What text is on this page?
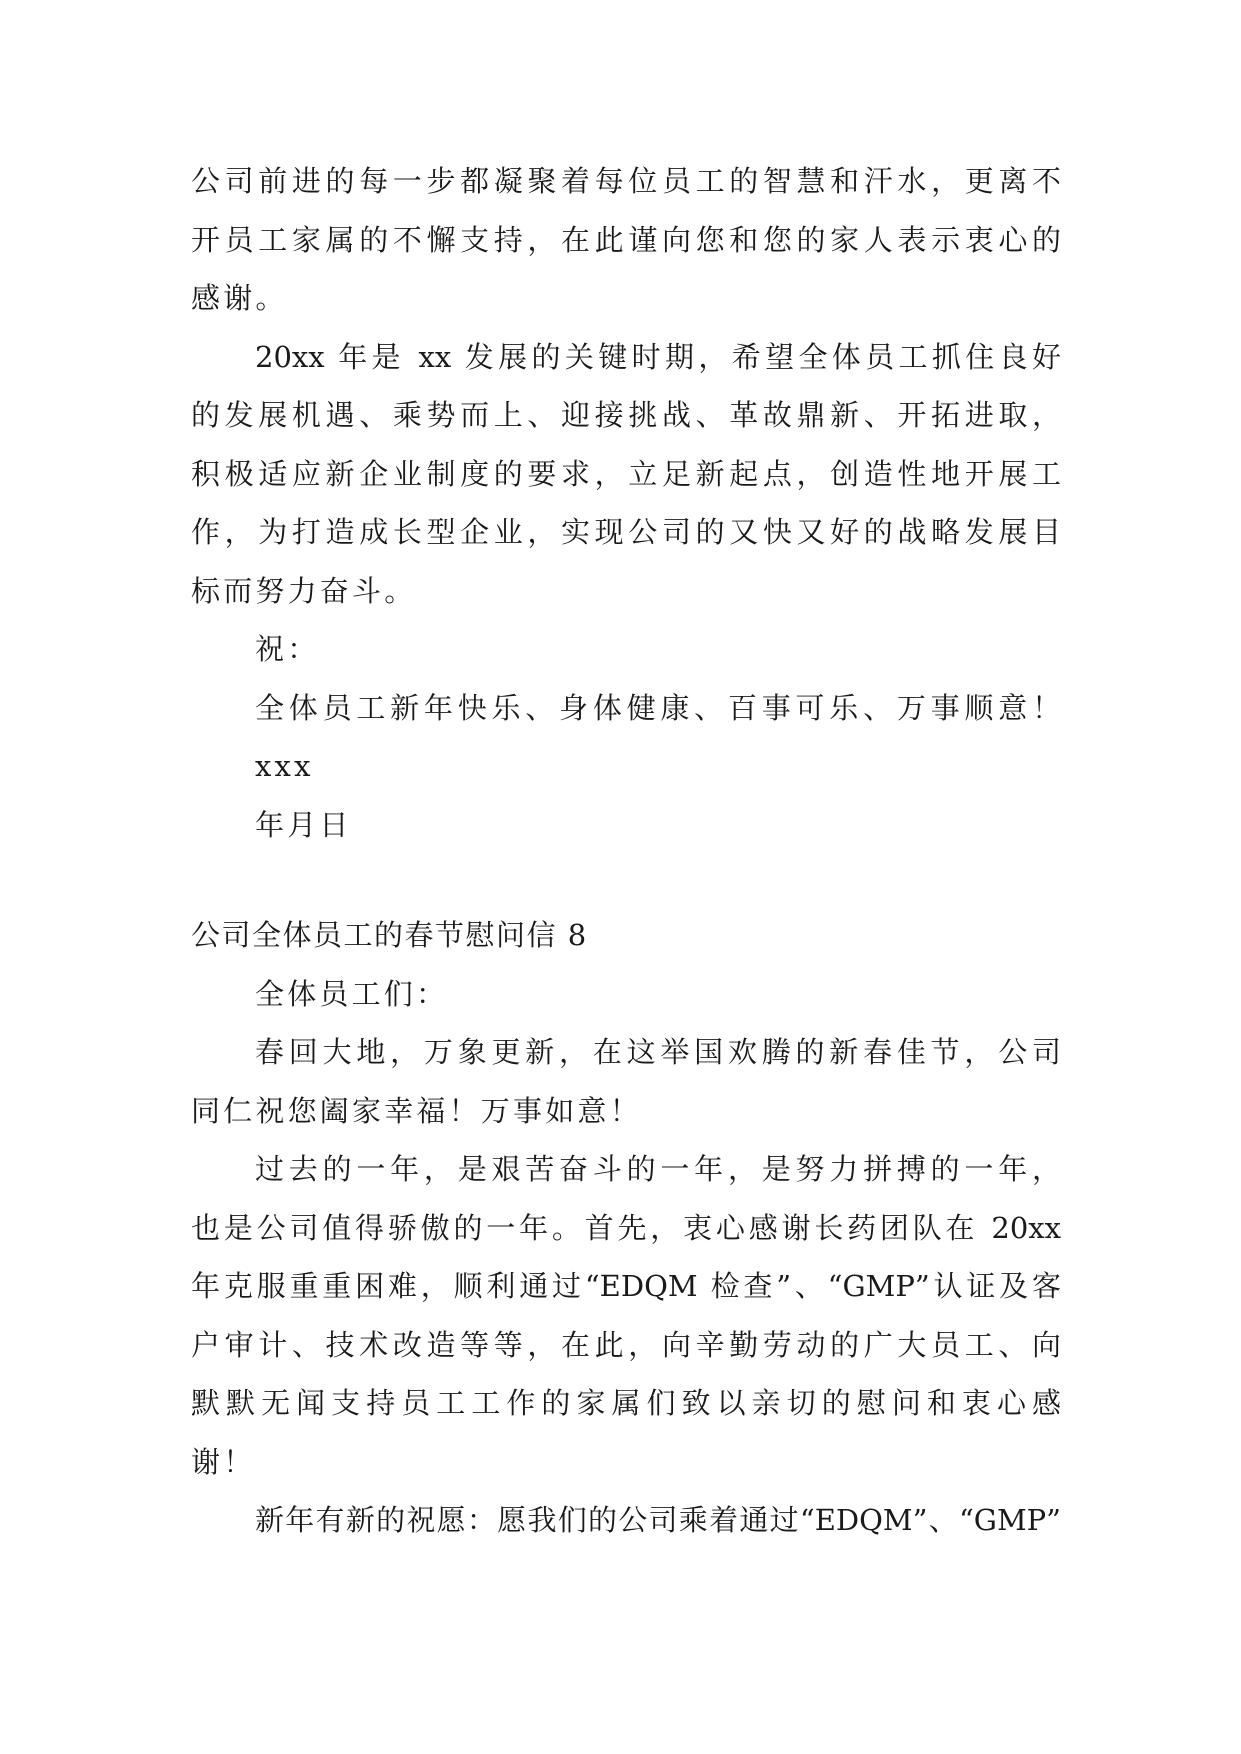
公司前进的每一步都凝聚着每位员工的智慧和汗水，更离不
开员工家属的不懈支持，在此谨向您和您的家人表示衷心的
感谢。
20xx 年是 xx 发展的关键时期，希望全体员工抓住良好
的发展机遇、乘势而上、迎接挑战、革故鼎新、开拓进取，
积极适应新企业制度的要求，立足新起点，创造性地开展工
作，为打造成长型企业，实现公司的又快又好的战略发展目
标而努力奋斗。
祝：
全体员工新年快乐、身体健康、百事可乐、万事顺意！
xxx
年月日
公司全体员工的春节慰问信 8
全体员工们：
春回大地，万象更新，在这举国欢腾的新春佳节，公司
同仁祝您阖家幸福！万事如意！
过去的一年，是艰苦奋斗的一年，是努力拼搏的一年，
也是公司值得骄傲的一年。首先，衷心感谢长药团队在 20xx
年克服重重困难，顺利通过“EDQM 检查”、“GMP”认证及客
户审计、技术改造等等，在此，向辛勤劳动的广大员工、向
默默无闻支持员工工作的家属们致以亲切的慰问和衷心感
谢！
新年有新的祝愿：愿我们的公司乘着通过“EDQM”、“GMP”
